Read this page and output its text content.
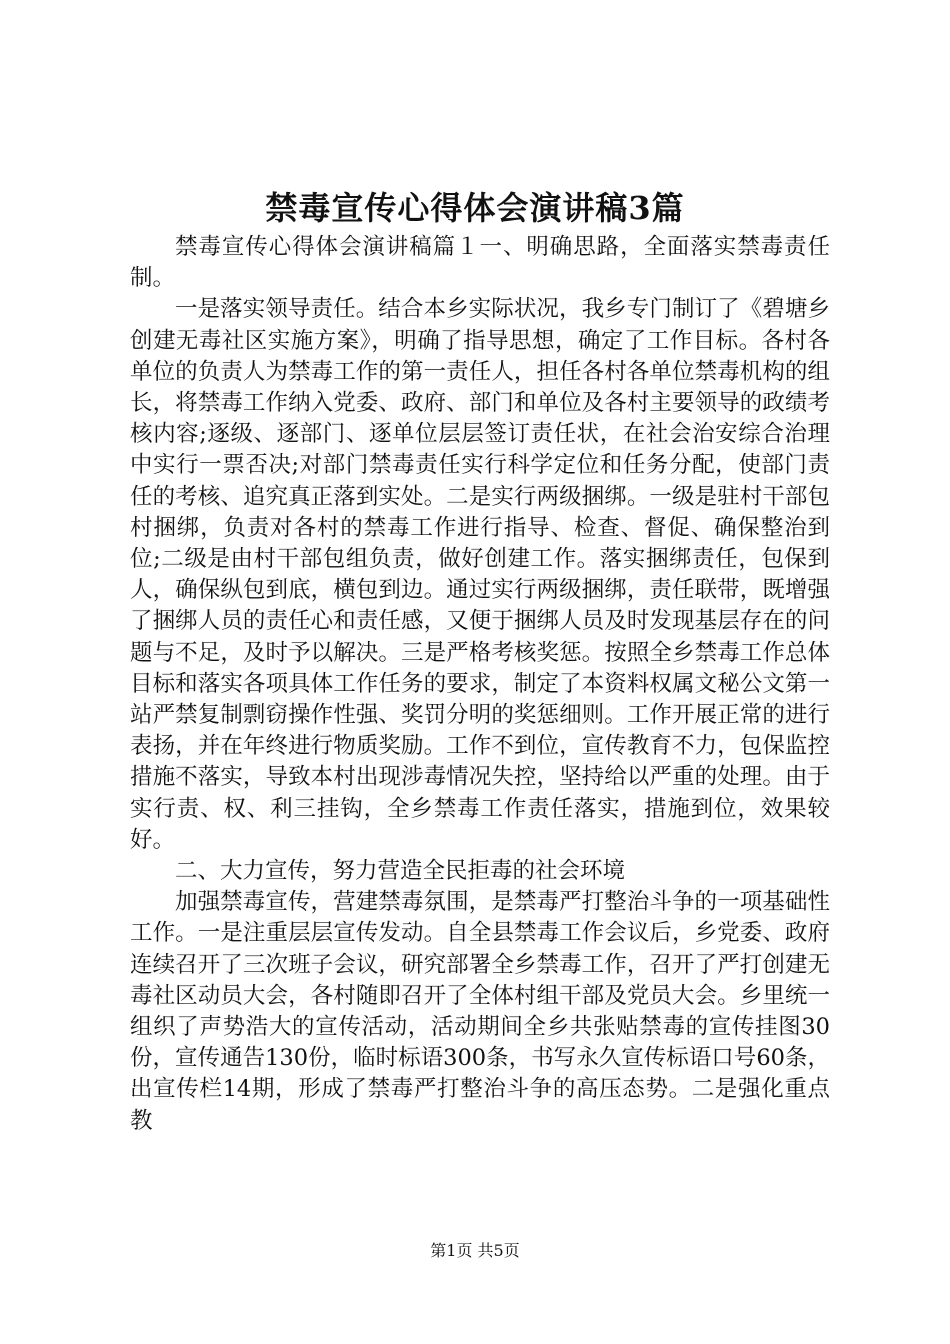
禁毒宣传心得体会演讲稿3篇

禁毒宣传心得体会演讲稿篇１一、明确思路，全面落实禁毒责任制。

一是落实领导责任。结合本乡实际状况，我乡专门制订了《碧塘乡创建无毒社区实施方案》，明确了指导思想，确定了工作目标。各村各单位的负责人为禁毒工作的第一责任人，担任各村各单位禁毒机构的组长，将禁毒工作纳入党委、政府、部门和单位及各村主要领导的政绩考核内容;逐级、逐部门、逐单位层层签订责任状，在社会治安综合治理中实行一票否决;对部门禁毒责任实行科学定位和任务分配，使部门责任的考核、追究真正落到实处。二是实行两级捆绑。一级是驻村干部包村捆绑，负责对各村的禁毒工作进行指导、检查、督促、确保整治到位;二级是由村干部包组负责，做好创建工作。落实捆绑责任，包保到人，确保纵包到底，横包到边。通过实行两级捆绑，责任联带，既增强了捆绑人员的责任心和责任感，又便于捆绑人员及时发现基层存在的问题与不足，及时予以解决。三是严格考核奖惩。按照全乡禁毒工作总体目标和落实各项具体工作任务的要求，制定了本资料权属文秘公文第一站严禁复制剽窃操作性强、奖罚分明的奖惩细则。工作开展正常的进行表扬，并在年终进行物质奖励。工作不到位，宣传教育不力，包保监控措施不落实，导致本村出现涉毒情况失控，坚持给以严重的处理。由于实行责、权、利三挂钩，全乡禁毒工作责任落实，措施到位，效果较好。

二、大力宣传，努力营造全民拒毒的社会环境

加强禁毒宣传，营建禁毒氛围，是禁毒严打整治斗争的一项基础性工作。一是注重层层宣传发动。自全县禁毒工作会议后，乡党委、政府连续召开了三次班子会议，研究部署全乡禁毒工作，召开了严打创建无毒社区动员大会，各村随即召开了全体村组干部及党员大会。乡里统一组织了声势浩大的宣传活动，活动期间全乡共张贴禁毒的宣传挂图30份，宣传通告130份，临时标语300条，书写永久宣传标语口号60条，出宣传栏14期，形成了禁毒严打整治斗争的高压态势。二是强化重点教

第1页 共5页
